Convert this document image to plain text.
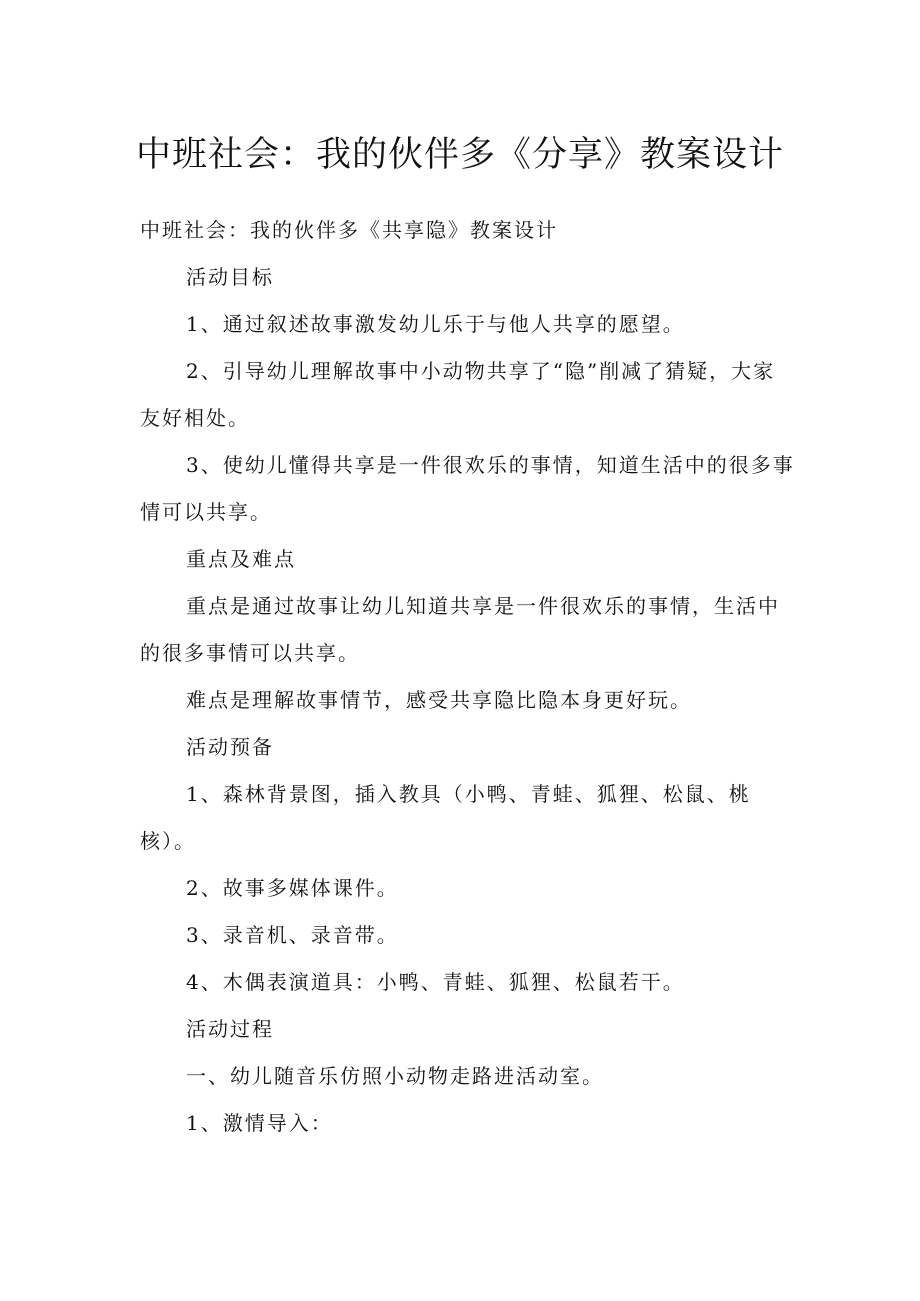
中班社会：我的伙伴多《分享》教案设计

中班社会：我的伙伴多《共享隐》教案设计

活动目标

1、通过叙述故事激发幼儿乐于与他人共享的愿望。

2、引导幼儿理解故事中小动物共享了“隐”削减了猜疑，大家

友好相处。

3、使幼儿懂得共享是一件很欢乐的事情，知道生活中的很多事

情可以共享。

重点及难点

重点是通过故事让幼儿知道共享是一件很欢乐的事情，生活中

的很多事情可以共享。

难点是理解故事情节，感受共享隐比隐本身更好玩。

活动预备

1、森林背景图，插入教具（小鸭、青蛙、狐狸、松鼠、桃

核）。

2、故事多媒体课件。

3、录音机、录音带。

4、木偶表演道具：小鸭、青蛙、狐狸、松鼠若干。

活动过程

一、幼儿随音乐仿照小动物走路进活动室。

1、激情导入：
